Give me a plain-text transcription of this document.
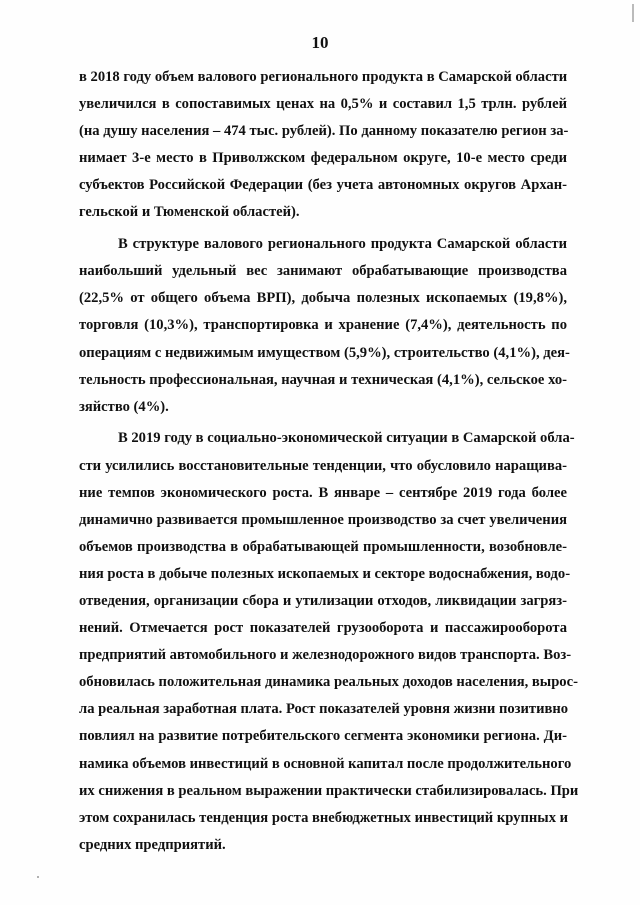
10

в 2018 году объем валового регионального продукта в Самарской области
увеличился в сопоставимых ценах на 0,5% и составил 1,5 трлн. рублей
(на душу населения – 474 тыс. рублей). По данному показателю регион за-
нимает 3-е место в Приволжском федеральном округе, 10-е место среди
субъектов Российской Федерации (без учета автономных округов Архан-
гельской и Тюменской областей).

В структуре валового регионального продукта Самарской области
наибольший удельный вес занимают обрабатывающие производства
(22,5% от общего объема ВРП), добыча полезных ископаемых (19,8%),
торговля (10,3%), транспортировка и хранение (7,4%), деятельность по
операциям с недвижимым имуществом (5,9%), строительство (4,1%), дея-
тельность профессиональная, научная и техническая (4,1%), сельское хо-
зяйство (4%).

В 2019 году в социально-экономической ситуации в Самарской обла-
сти усилились восстановительные тенденции, что обусловило наращива-
ние темпов экономического роста. В январе – сентябре 2019 года более
динамично развивается промышленное производство за счет увеличения
объемов производства в обрабатывающей промышленности, возобновле-
ния роста в добыче полезных ископаемых и секторе водоснабжения, водо-
отведения, организации сбора и утилизации отходов, ликвидации загряз-
нений. Отмечается рост показателей грузооборота и пассажирооборота
предприятий автомобильного и железнодорожного видов транспорта. Воз-
обновилась положительная динамика реальных доходов населения, вырос-
ла реальная заработная плата. Рост показателей уровня жизни позитивно
повлиял на развитие потребительского сегмента экономики региона. Ди-
намика объемов инвестиций в основной капитал после продолжительного
их снижения в реальном выражении практически стабилизировалась. При
этом сохранилась тенденция роста внебюджетных инвестиций крупных и
средних предприятий.
